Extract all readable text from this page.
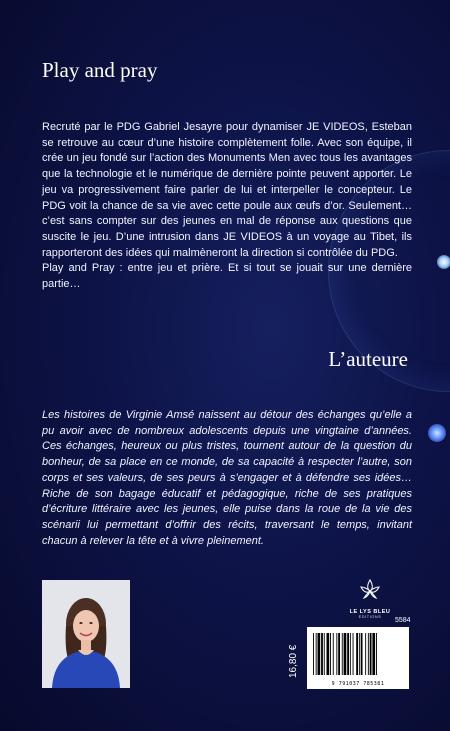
Play and pray

Recruté par le PDG Gabriel Jesayre pour dynamiser JE VIDEOS, Esteban se retrouve au cœur d’une histoire complètement folle. Avec son équipe, il crée un jeu fondé sur l’action des Monuments Men avec tous les avantages que la technologie et le numérique de dernière pointe peuvent apporter. Le jeu va progressivement faire parler de lui et interpeller le concepteur. Le PDG voit la chance de sa vie avec cette poule aux œufs d’or. Seulement… c’est sans compter sur des jeunes en mal de réponse aux questions que suscite le jeu. D’une intrusion dans JE VIDEOS à un voyage au Tibet, ils rapporteront des idées qui malmèneront la direction si contrôlée du PDG.

Play and Pray : entre jeu et prière. Et si tout se jouait sur une dernière partie…

L’auteure

Les histoires de Virginie Amsé naissent au détour des échanges qu’elle a pu avoir avec de nombreux adolescents depuis une vingtaine d’années. Ces échanges, heureux ou plus tristes, tournent autour de la question du bonheur, de sa place en ce monde, de sa capacité à respecter l’autre, son corps et ses valeurs, de ses peurs à s’engager et à défendre ses idées… Riche de son bagage éducatif et pédagogique, riche de ses pratiques d’écriture littéraire avec les jeunes, elle puise dans la roue de la vie des scénarii lui permettant d’offrir des récits, traversant le temps, invitant chacun à relever la tête et à vivre pleinement.

LE LYS BLEU
ÉDITIONS	5584

16,80 €
9 791037 785381
